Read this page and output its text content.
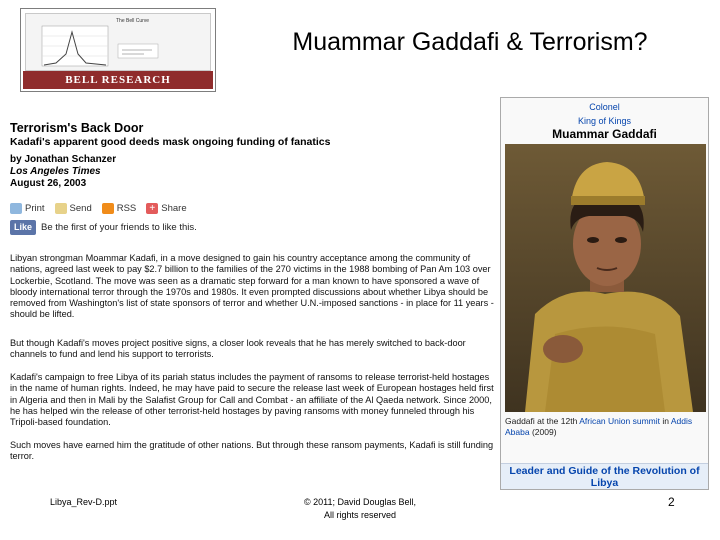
The Bell Curve
BELL RESEARCH LABORATORY
Muammar Gaddafi & Terrorism?
Terrorism's Back Door
Kadafi's apparent good deeds mask ongoing funding of fanatics
by Jonathan Schanzer
Los Angeles Times
August 26, 2003
Print	Send	RSS	+ Share
Like Be the first of your friends to like this.
Libyan strongman Moammar Kadafi, in a move designed to gain his country acceptance among the community of nations, agreed last week to pay $2.7 billion to the families of the 270 victims in the 1988 bombing of Pan Am 103 over Lockerbie, Scotland. The move was seen as a dramatic step forward for a man known to have sponsored a wave of bloody international terror through the 1970s and 1980s. It even prompted discussions about whether Libya should be removed from Washington's list of state sponsors of terror and whether U.N.-imposed sanctions - in place for 11 years - should be lifted.
But though Kadafi's moves project positive signs, a closer look reveals that he has merely switched to back-door channels to fund and lend his support to terrorists.
Kadafi's campaign to free Libya of its pariah status includes the payment of ransoms to release terrorist-held hostages in the name of human rights. Indeed, he may have paid to secure the release last week of European hostages held first in Algeria and then in Mali by the Salafist Group for Call and Combat - an affiliate of the Al Qaeda network. Since 2000, he has helped win the release of other terrorist-held hostages by paving ransoms with money funneled through his Tripoli-based foundation.
Such moves have earned him the gratitude of other nations. But through these ransom payments, Kadafi is still funding terror.
Colonel
King of Kings
Muammar Gaddafi
Gaddafi at the 12th African Union summit in Addis Ababa (2009)
Leader and Guide of the Revolution of Libya
Libya_Rev-D.ppt	© 2011; David Douglas Bell,
All rights reserved
2
